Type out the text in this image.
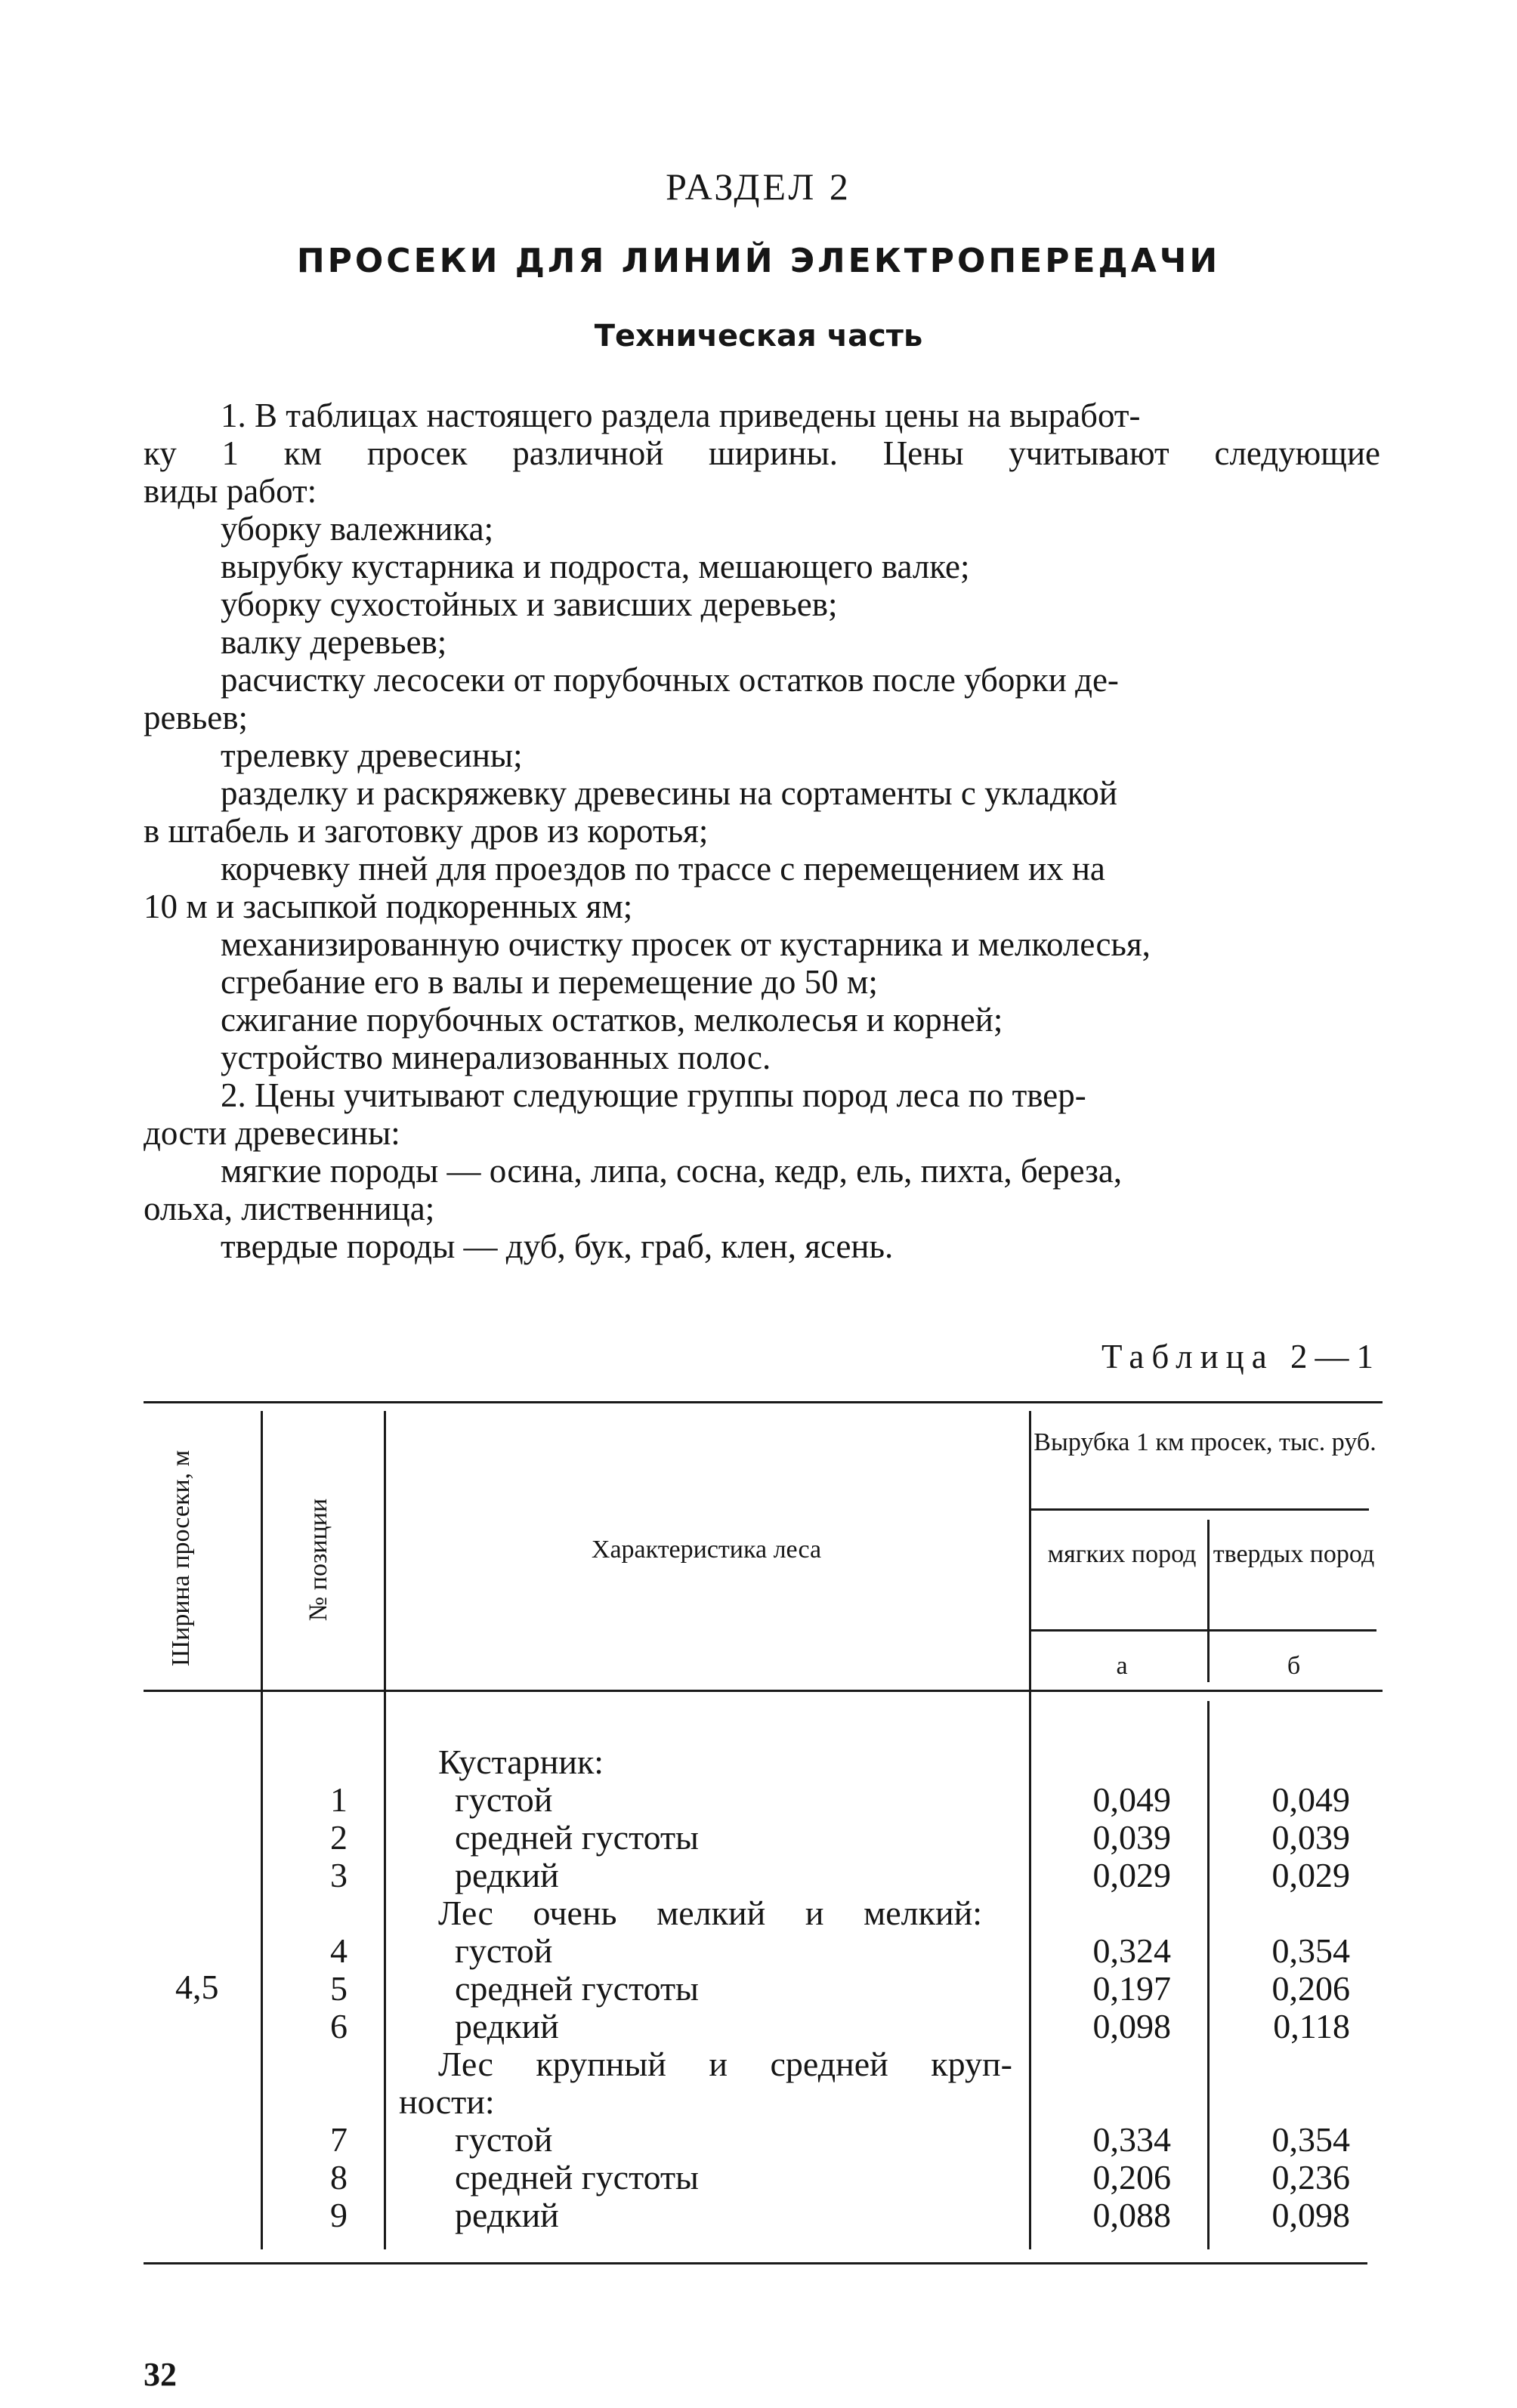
РАЗДЕЛ 2
ПРОСЕКИ ДЛЯ ЛИНИЙ ЭЛЕКТРОПЕРЕДАЧИ
Техническая часть
1. В таблицах настоящего раздела приведены цены на выработ-
ку 1 км просек различной ширины. Цены учитывают следующие
виды работ:
уборку валежника;
вырубку кустарника и подроста, мешающего валке;
уборку сухостойных и зависших деревьев;
валку деревьев;
расчистку лесосеки от порубочных остатков после уборки де-
ревьев;
трелевку древесины;
разделку и раскряжевку древесины на сортаменты с укладкой
в штабель и заготовку дров из коротья;
корчевку пней для проездов по трассе с перемещением их на
10 м и засыпкой подкоренных ям;
механизированную очистку просек от кустарника и мелколесья,
сгребание его в валы и перемещение до 50 м;
сжигание порубочных остатков, мелколесья и корней;
устройство минерализованных полос.
2. Цены учитывают следующие группы пород леса по твер-
дости древесины:
мягкие породы — осина, липа, сосна, кедр, ель, пихта, береза,
ольха, лиственница;
твердые породы — дуб, бук, граб, клен, ясень.
Таблица 2—1
Ширина просеки, м	№ позиции	Характеристика леса
Вырубка 1 км просек, тыс. руб.
мягких пород твердых пород
а	б
4,5
Кустарник:
1	густой	0,049	0,049
2	средней густоты	0,039	0,039
3	редкий	0,029	0,029
Лес очень мелкий и мелкий:
4	густой	0,324	0,354
5	средней густоты	0,197	0,206
6	редкий	0,098	0,118
Лес крупный и средней круп-
ности:
7	густой	0,334	0,354
8	средней густоты	0,206	0,236
9	редкий	0,088	0,098
32
